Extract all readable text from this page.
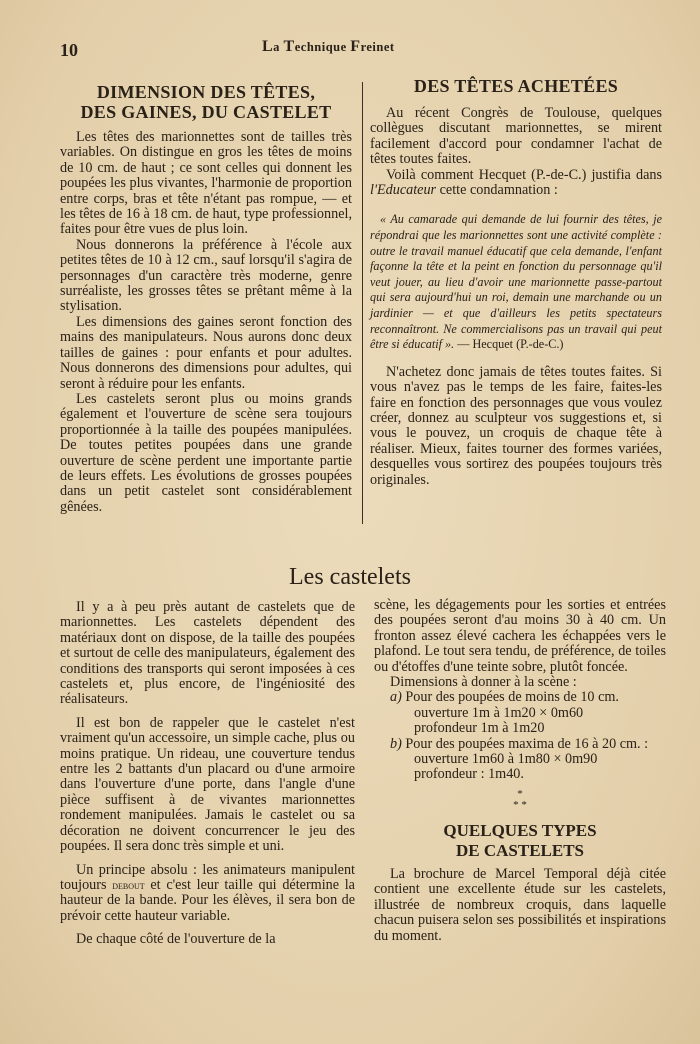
10	La Technique Freinet
DIMENSION DES TÊTES,
DES GAINES, DU CASTELET

Les têtes des marionnettes sont de tailles très variables. On distingue en gros les têtes de moins de 10 cm. de haut ; ce sont celles qui donnent les poupées les plus vivantes, l'harmonie de proportion entre corps, bras et tête n'étant pas rompue, — et les têtes de 16 à 18 cm. de haut, type professionnel, faites pour être vues de plus loin.

Nous donnerons la préférence à l'école aux petites têtes de 10 à 12 cm., sauf lorsqu'il s'agira de personnages d'un caractère très moderne, genre surréaliste, les grosses têtes se prêtant même à la stylisation.

Les dimensions des gaines seront fonction des mains des manipulateurs. Nous aurons donc deux tailles de gaines : pour enfants et pour adultes. Nous donnerons des dimensions pour adultes, qui seront à réduire pour les enfants.

Les castelets seront plus ou moins grands également et l'ouverture de scène sera toujours proportionnée à la taille des poupées manipulées. De toutes petites poupées dans une grande ouverture de scène perdent une importante partie de leurs effets. Les évolutions de grosses poupées dans un petit castelet sont considérablement gênées.

DES TÊTES ACHETÉES

Au récent Congrès de Toulouse, quelques collègues discutant marionnettes, se mirent facilement d'accord pour condamner l'achat de têtes toutes faites.

Voilà comment Hecquet (P.-de-C.) justifia dans l'Educateur cette condamnation :

« Au camarade qui demande de lui fournir des têtes, je répondrai que les marionnettes sont une activité complète : outre le travail manuel éducatif que cela demande, l'enfant façonne la tête et la peint en fonction du personnage qu'il veut jouer, au lieu d'avoir une marionnette passe-partout qui sera aujourd'hui un roi, demain une marchande ou un jardinier — et que d'ailleurs les petits spectateurs reconnaîtront. Ne commercialisons pas un travail qui peut être si éducatif ». — Hecquet (P.-de-C.)

N'achetez donc jamais de têtes toutes faites. Si vous n'avez pas le temps de les faire, faites-les faire en fonction des personnages que vous voulez créer, donnez au sculpteur vos suggestions et, si vous le pouvez, un croquis de chaque tête à réaliser. Mieux, faites tourner des formes variées, desquelles vous sortirez des poupées toujours très originales.

Les castelets

Il y a à peu près autant de castelets que de marionnettes. Les castelets dépendent des matériaux dont on dispose, de la taille des poupées et surtout de celle des manipulateurs, également des conditions des transports qui seront imposées à ces castelets et, plus encore, de l'ingéniosité des réalisateurs.

Il est bon de rappeler que le castelet n'est vraiment qu'un accessoire, un simple cache, plus ou moins pratique. Un rideau, une couverture tendus entre les 2 battants d'un placard ou d'une armoire dans l'ouverture d'une porte, dans l'angle d'une pièce suffisent à de vivantes marionnettes rondement manipulées. Jamais le castelet ou sa décoration ne doivent concurrencer le jeu des poupées. Il sera donc très simple et uni.

Un principe absolu : les animateurs manipulent toujours debout et c'est leur taille qui détermine la hauteur de la bande. Pour les élèves, il sera bon de prévoir cette hauteur variable.

De chaque côté de l'ouverture de la

scène, les dégagements pour les sorties et entrées des poupées seront d'au moins 30 à 40 cm. Un fronton assez élevé cachera les échappées vers le plafond. Le tout sera tendu, de préférence, de toiles ou d'étoffes d'une teinte sobre, plutôt foncée.

Dimensions à donner à la scène :
a) Pour des poupées de moins de 10 cm.
ouverture 1m à 1m20 × 0m60
profondeur 1m à 1m20
b) Pour des poupées maxima de 16 à 20 cm. :
ouverture 1m60 à 1m80 × 0m90
profondeur : 1m40.
*
* *
QUELQUES TYPES
DE CASTELETS

La brochure de Marcel Temporal déjà citée contient une excellente étude sur les castelets, illustrée de nombreux croquis, dans laquelle chacun puisera selon ses possibilités et inspirations du moment.
